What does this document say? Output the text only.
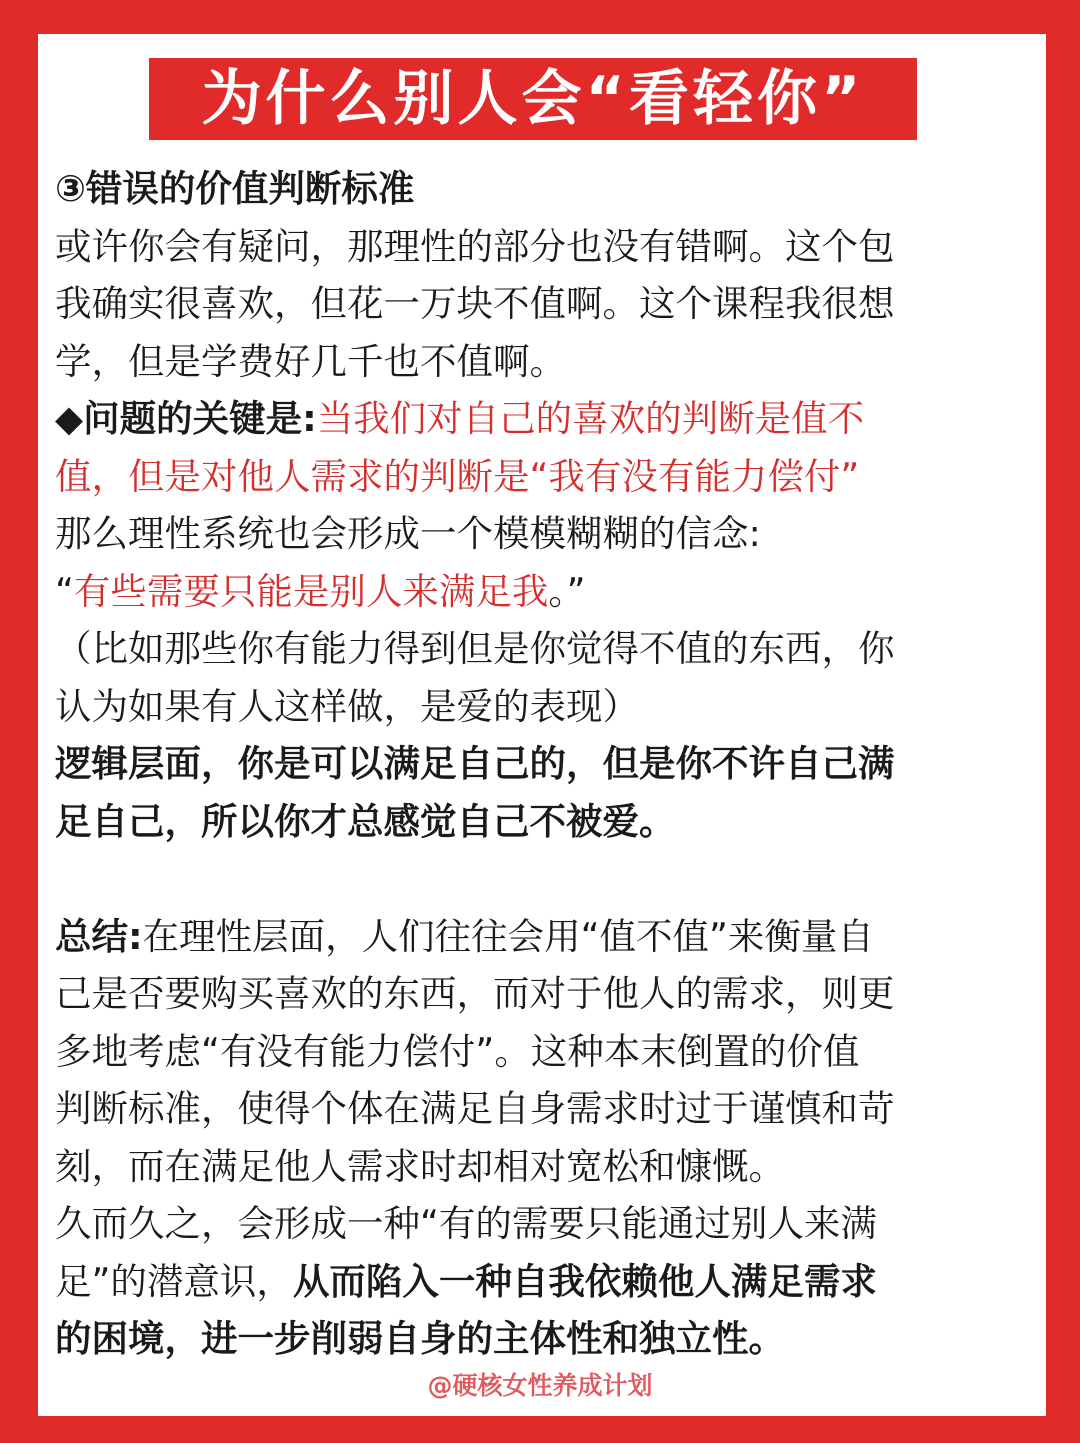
为什么别人会“看轻你”
③错误的价值判断标准
或许你会有疑问，那理性的部分也没有错啊。这个包
我确实很喜欢，但花一万块不值啊。这个课程我很想
学，但是学费好几千也不值啊。
◆问题的关键是:当我们对自己的喜欢的判断是值不
值，但是对他人需求的判断是“我有没有能力偿付”
那么理性系统也会形成一个模模糊糊的信念:
“有些需要只能是别人来满足我。”
（比如那些你有能力得到但是你觉得不值的东西，你
认为如果有人这样做，是爱的表现）
逻辑层面，你是可以满足自己的，但是你不许自己满
足自己，所以你才总感觉自己不被爱。
总结:在理性层面，人们往往会用“值不值”来衡量自
己是否要购买喜欢的东西，而对于他人的需求，则更
多地考虑“有没有能力偿付”。这种本末倒置的价值
判断标准，使得个体在满足自身需求时过于谨慎和苛
刻，而在满足他人需求时却相对宽松和慷慨。
久而久之，会形成一种“有的需要只能通过别人来满
足”的潜意识，从而陷入一种自我依赖他人满足需求
的困境，进一步削弱自身的主体性和独立性。
@硬核女性养成计划
